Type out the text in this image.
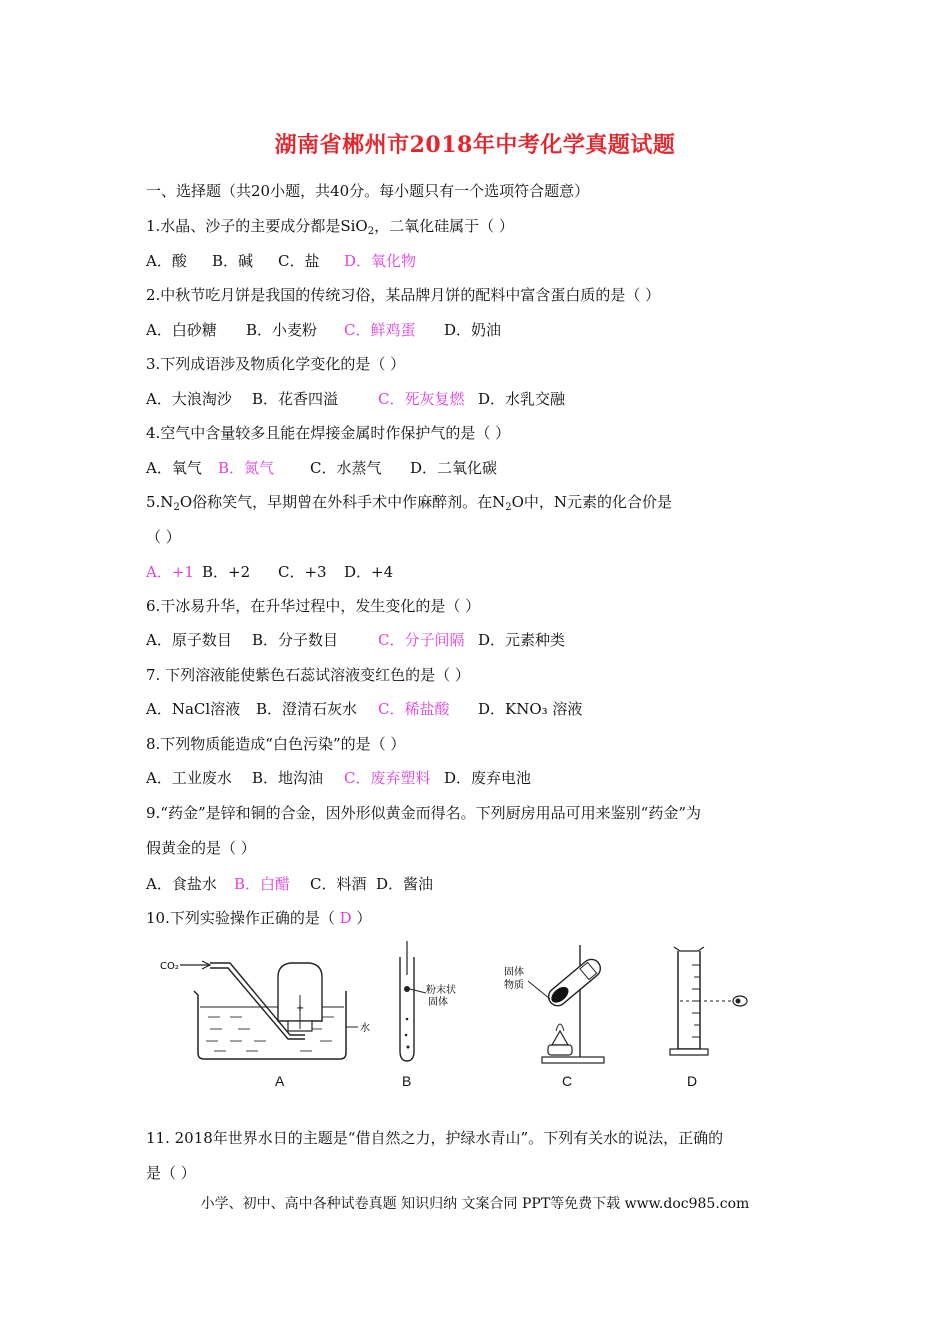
湖南省郴州市2018年中考化学真题试题
一、选择题（共20小题，共40分。每小题只有一个选项符合题意）
1.水晶、沙子的主要成分都是SiO$_2$，二氧化硅属于（ ）
A．酸 B．碱 C．盐 D．氧化物
2.中秋节吃月饼是我国的传统习俗，某品牌月饼的配料中富含蛋白质的是（ ）
A．白砂糖 B．小麦粉 C．鲜鸡蛋 D．奶油
3.下列成语涉及物质化学变化的是（ ）
A．大浪淘沙 B．花香四溢	C．死灰复燃 D．水乳交融
4.空气中含量较多且能在焊接金属时作保护气的是（ ）
A．氧气 B．氮气 C．水蒸气 D．二氧化碳
$5.N_2O$俗称笑气，早期曾在外科手术中作麻醉剂。在$N_2O$中，N元素的化合价是
（ ）
A．+1 B．+2 C．+3 D．+4
6.干冰易升华，在升华过程中，发生变化的是（ ）
A．原子数目 B．分子数目	C．分子间隔 D．元素种类
7. 下列溶液能使紫色石蕊试溶液变红色的是（ ）
A．NaCl溶液 B．澄清石灰水 C．稀盐酸 D．KNO₃ 溶液
8.下列物质能造成“白色污染”的是（ ）
A．工业废水 B．地沟油 C．废弃塑料 D．废弃电池
9.“药金”是锌和铜的合金，因外形似黄金而得名。下列厨房用品可用来鉴别“药金”为
假黄金的是（ ）
A．食盐水 B．白醋 C．料酒 D．酱油
10.下列实验操作正确的是（ D ）
CO₂
+
水
A
粉末状
固体
B
固体
物质
C	D
11. 2018年世界水日的主题是“借自然之力，护绿水青山”。下列有关水的说法，正确的
是（ ）
小学、初中、高中各种试卷真题 知识归纳 文案合同 PPT等免费下载 www.doc985.com
